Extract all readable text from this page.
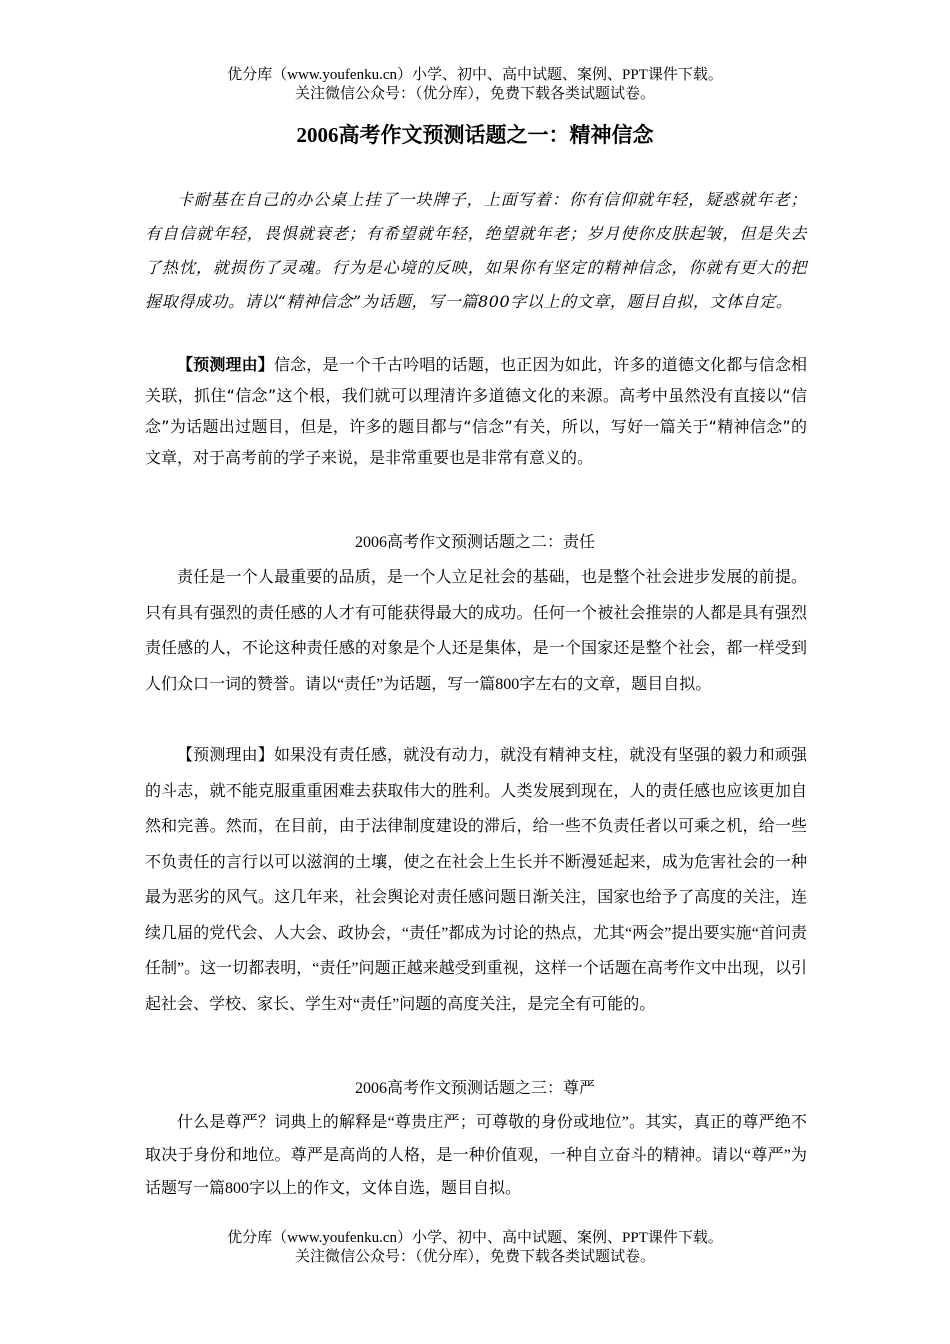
优分库（www.youfenku.cn）小学、初中、高中试题、案例、PPT课件下载。
关注微信公众号：（优分库），免费下载各类试题试卷。
2006高考作文预测话题之一：精神信念

卡耐基在自己的办公桌上挂了一块牌子，上面写着：你有信仰就年轻，疑惑就年老；有自信就年轻，畏惧就衰老；有希望就年轻，绝望就年老；岁月使你皮肤起皱，但是失去了热忱，就损伤了灵魂。行为是心境的反映，如果你有坚定的精神信念，你就有更大的把握取得成功。请以“精神信念”为话题，写一篇800字以上的文章，题目自拟，文体自定。

【预测理由】信念，是一个千古吟唱的话题，也正因为如此，许多的道德文化都与信念相关联，抓住“信念”这个根，我们就可以理清许多道德文化的来源。高考中虽然没有直接以“信念”为话题出过题目，但是，许多的题目都与“信念”有关，所以，写好一篇关于“精神信念”的文章，对于高考前的学子来说，是非常重要也是非常有意义的。

2006高考作文预测话题之二：责任

责任是一个人最重要的品质，是一个人立足社会的基础，也是整个社会进步发展的前提。只有具有强烈的责任感的人才有可能获得最大的成功。任何一个被社会推崇的人都是具有强烈责任感的人，不论这种责任感的对象是个人还是集体，是一个国家还是整个社会，都一样受到人们众口一词的赞誉。请以“责任”为话题，写一篇800字左右的文章，题目自拟。

【预测理由】如果没有责任感，就没有动力，就没有精神支柱，就没有坚强的毅力和顽强的斗志，就不能克服重重困难去获取伟大的胜利。人类发展到现在，人的责任感也应该更加自然和完善。然而，在目前，由于法律制度建设的滞后，给一些不负责任者以可乘之机，给一些不负责任的言行以可以滋润的土壤，使之在社会上生长并不断漫延起来，成为危害社会的一种最为恶劣的风气。这几年来，社会舆论对责任感问题日渐关注，国家也给予了高度的关注，连续几届的党代会、人大会、政协会，“责任”都成为讨论的热点，尤其“两会”提出要实施“首问责任制”。这一切都表明，“责任”问题正越来越受到重视，这样一个话题在高考作文中出现，以引起社会、学校、家长、学生对“责任”问题的高度关注，是完全有可能的。

2006高考作文预测话题之三：尊严

什么是尊严？词典上的解释是“尊贵庄严；可尊敬的身份或地位”。其实，真正的尊严绝不取决于身份和地位。尊严是高尚的人格，是一种价值观，一种自立奋斗的精神。请以“尊严”为话题写一篇800字以上的作文，文体自选，题目自拟。

优分库（www.youfenku.cn）小学、初中、高中试题、案例、PPT课件下载。
关注微信公众号：（优分库），免费下载各类试题试卷。
